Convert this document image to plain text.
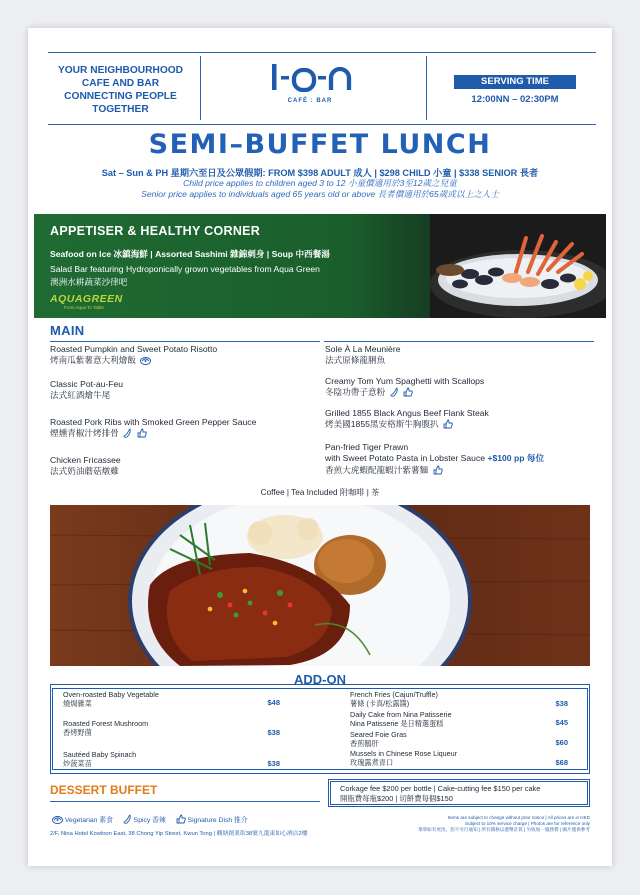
YOUR NEIGHBOURHOOD
CAFE AND BAR
CONNECTING PEOPLE
TOGETHER
CAFÉ : BAR
SERVING TIME
12:00NN – 02:30PM
SEMI–BUFFET LUNCH
Sat – Sun & PH 星期六至日及公眾假期: FROM $398 ADULT 成人 | $298 CHILD 小童 | $338 SENIOR 長者
Child price applies to children aged 3 to 12 小童價適用於3至12歲之兒童
Senior price applies to individuals aged 65 years old or above 長者價適用於65歲或以上之人士
APPETISER & HEALTHY CORNER
Seafood on Ice 冰鎮海鮮 | Assorted Sashimi 雜錦刺身 | Soup 中西餐湯
Salad Bar featuring Hydroponically grown vegetables from Aqua Green
澳洲水耕蔬菜沙律吧
AQUAGREEN
From Aqua To Table
MAIN
Roasted Pumpkin and Sweet Potato Risotto
烤南瓜紫薯意大利燴飯
Classic Pot-au-Feu
法式紅酒燴牛尾
Roasted Pork Ribs with Smoked Green Pepper Sauce
煙燻青椒汁烤排骨
Chicken Fricassee
法式奶油蘑菇燉雞
Sole À La Meunière
法式原條龍脷魚
Creamy Tom Yum Spaghetti with Scallops
冬陰功帶子意粉
Grilled 1855 Black Angus Beef Flank Steak
烤美國1855黑安格斯牛胸腹扒
Pan-fried Tiger Prawn
with Sweet Potato Pasta in Lobster Sauce +$100 pp 每位
香煎大虎蝦配龍蝦汁紫薯麵
Coffee | Tea Included 附咖啡 | 茶
ADD-ON
Oven-roasted Baby Vegetable
燒焗雜菜	$48
Roasted Forest Mushroom
香烤野菌	$38
Sautéed Baby Spinach
炒菠菜苗	$38
French Fries (Cajun/Truffle)
薯條 (卡真/松露醬)	$38
Daily Cake from Nina Patisserie
Nina Patisserie 是日精選蛋糕	$45
Seared Foie Gras
香煎鵝肝	$60
Mussels in Chinese Rose Liqueur
玫瑰露煮青口	$68
DESSERT BUFFET	Corkage fee $200 per bottle | Cake-cutting fee $150 per cake
開瓶費每瓶$200 | 切餅費每個$150
Vegetarian 素食	Spicy 香辣	Signature Dish 推介
2/F, Nina Hotel Kowloon East, 38 Chong Yip Street, Kwun Tong | 觀塘創業街38號九龍東如心酒店2樓
Items are subject to change without prior notice | All prices are in HKD
Subject to 10% service charge | Photos are for reference only
菜單如有更改，恕不另行通知 | 所有價格以港幣計算 | 另收加一服務費 | 圖片僅供參考
